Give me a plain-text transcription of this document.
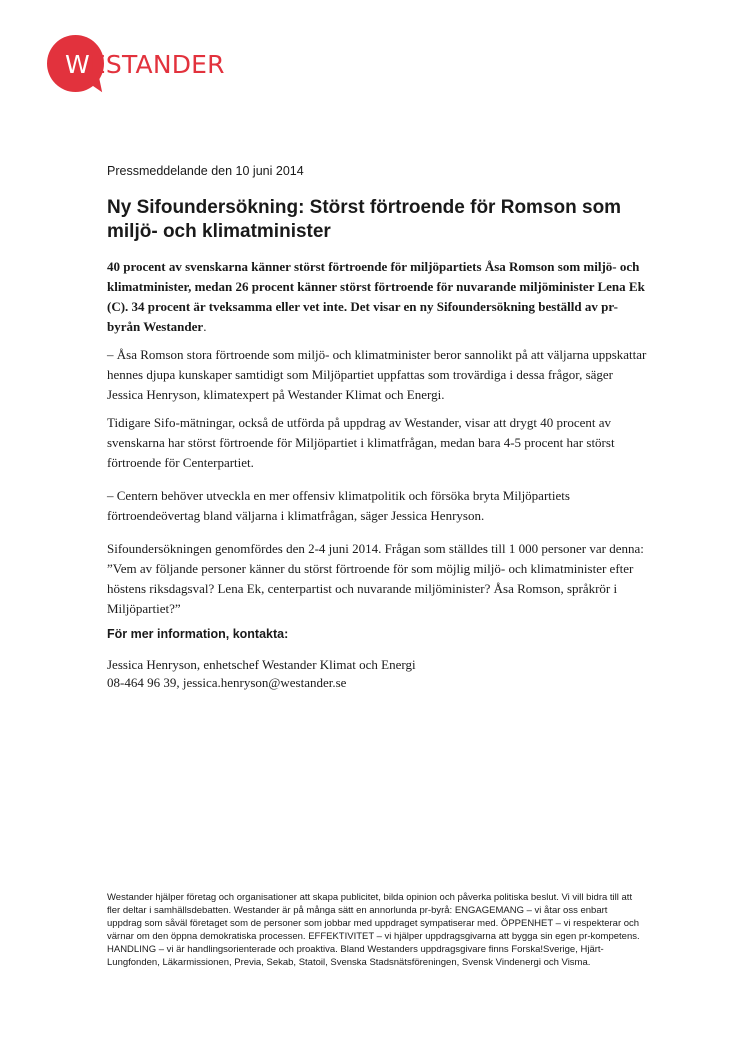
WESTANDER
Pressmeddelande den 10 juni 2014
Ny Sifoundersökning: Störst förtroende för Romson som miljö- och klimatminister

40 procent av svenskarna känner störst förtroende för miljöpartiets Åsa Romson som miljö- och klimatminister, medan 26 procent känner störst förtroende för nuvarande miljöminister Lena Ek (C). 34 procent är tveksamma eller vet inte. Det visar en ny Sifoundersökning beställd av pr-byrån Westander.

– Åsa Romson stora förtroende som miljö- och klimatminister beror sannolikt på att väljarna uppskattar hennes djupa kunskaper samtidigt som Miljöpartiet uppfattas som trovärdiga i dessa frågor, säger Jessica Henryson, klimatexpert på Westander Klimat och Energi.

Tidigare Sifo-mätningar, också de utförda på uppdrag av Westander, visar att drygt 40 procent av svenskarna har störst förtroende för Miljöpartiet i klimatfrågan, medan bara 4-5 procent har störst förtroende för Centerpartiet.

– Centern behöver utveckla en mer offensiv klimatpolitik och försöka bryta Miljöpartiets förtroendeövertag bland väljarna i klimatfrågan, säger Jessica Henryson.

Sifoundersökningen genomfördes den 2-4 juni 2014. Frågan som ställdes till 1 000 personer var denna: ”Vem av följande personer känner du störst förtroende för som möjlig miljö- och klimatminister efter höstens riksdagsval? Lena Ek, centerpartist och nuvarande miljöminister? Åsa Romson, språkrör i Miljöpartiet?”

För mer information, kontakta:

Jessica Henryson, enhetschef Westander Klimat och Energi
08-464 96 39, jessica.henryson@westander.se

Westander hjälper företag och organisationer att skapa publicitet, bilda opinion och påverka politiska beslut. Vi vill bidra till att fler deltar i samhällsdebatten. Westander är på många sätt en annorlunda pr-byrå: ENGAGEMANG – vi åtar oss enbart uppdrag som såväl företaget som de personer som jobbar med uppdraget sympatiserar med. ÖPPENHET – vi respekterar och värnar om den öppna demokratiska processen. EFFEKTIVITET – vi hjälper uppdragsgivarna att bygga sin egen pr-kompetens. HANDLING – vi är handlingsorienterade och proaktiva. Bland Westanders uppdragsgivare finns Forska!Sverige, Hjärt-Lungfonden, Läkarmissionen, Previa, Sekab, Statoil, Svenska Stadsnätsföreningen, Svensk Vindenergi och Visma.
